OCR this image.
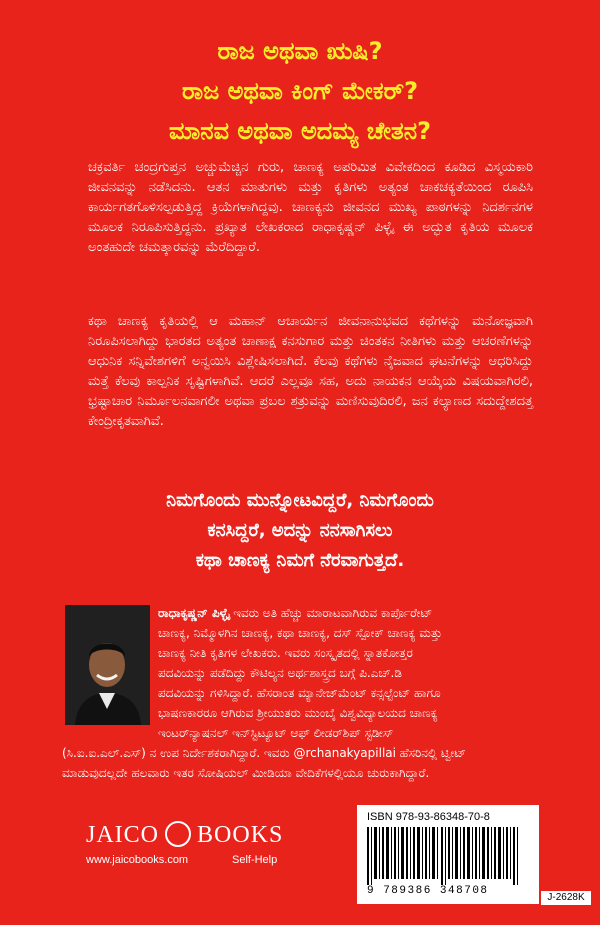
ರಾಜ ಅಥವಾ ಋಷಿ?
ರಾಜ ಅಥವಾ ಕಿಂಗ್ ಮೇಕರ್?
ಮಾನವ ಅಥವಾ ಅದಮ್ಯ ಚೇತನ?

ಚಕ್ರವರ್ತಿ ಚಂದ್ರಗುಪ್ತನ ಅಚ್ಚುಮೆಚ್ಚಿನ ಗುರು, ಚಾಣಕ್ಯ ಅಪರಿಮಿತ ವಿವೇಕದಿಂದ ಕೂಡಿದ ವಿಸ್ಮಯಕಾರಿ ಜೀವನವನ್ನು ನಡೆಸಿದನು. ಆತನ ಮಾತುಗಳು ಮತ್ತು ಕೃತಿಗಳು ಅತ್ಯಂತ ಚಾಕಚಕ್ಯತೆಯಿಂದ ರೂಪಿಸಿ ಕಾರ್ಯಗತಗೊಳಿಸಲ್ಪಡುತ್ತಿದ್ದ ಕ್ರಿಯೆಗಳಾಗಿದ್ದವು. ಚಾಣಕ್ಯನು ಜೀವನದ ಮುಖ್ಯ ಪಾಠಗಳನ್ನು ನಿದರ್ಶನಗಳ ಮೂಲಕ ನಿರೂಪಿಸುತ್ತಿದ್ದನು. ಪ್ರಖ್ಯಾತ ಲೇಖಕರಾದ ರಾಧಾಕೃಷ್ಣನ್ ಪಿಳ್ಳೈ ಈ ಅದ್ಭುತ ಕೃತಿಯ ಮೂಲಕ ಅಂತಹುದೇ ಚಮತ್ಕಾರವನ್ನು ಮೆರೆದಿದ್ದಾರೆ.

ಕಥಾ ಚಾಣಕ್ಯ ಕೃತಿಯಲ್ಲಿ ಆ ಮಹಾನ್ ಆಚಾರ್ಯನ ಜೀವನಾನುಭವದ ಕಥೆಗಳನ್ನು ಮನೋಜ್ಞವಾಗಿ ನಿರೂಪಿಸಲಾಗಿದ್ದು ಭಾರತದ ಅತ್ಯಂತ ಚಾಣಾಕ್ಷ ಕನಸುಗಾರ ಮತ್ತು ಚಿಂತಕನ ನೀತಿಗಳು ಮತ್ತು ಆಚರಣೆಗಳನ್ನು ಆಧುನಿಕ ಸನ್ನಿವೇಶಗಳಿಗೆ ಅನ್ವಯಿಸಿ ವಿಶ್ಲೇಷಿಸಲಾಗಿದೆ. ಕೆಲವು ಕಥೆಗಳು ನೈಜವಾದ ಘಟನೆಗಳನ್ನು ಆಧರಿಸಿದ್ದು ಮತ್ತೆ ಕೆಲವು ಕಾಲ್ಪನಿಕ ಸೃಷ್ಟಿಗಳಾಗಿವೆ. ಆದರೆ ಎಲ್ಲವೂ ಸಹ, ಅದು ನಾಯಕನ ಆಯ್ಕೆಯ ವಿಷಯವಾಗಿರಲಿ, ಭ್ರಷ್ಟಾಚಾರ ನಿರ್ಮೂಲನವಾಗಲೀ ಅಥವಾ ಪ್ರಬಲ ಶತ್ರುವನ್ನು ಮಣಿಸುವುದಿರಲಿ, ಜನ ಕಲ್ಯಾಣದ ಸದುದ್ದೇಶದತ್ತ ಕೇಂದ್ರೀಕೃತವಾಗಿವೆ.

ನಿಮಗೊಂದು ಮುನ್ನೋಟವಿದ್ದರೆ, ನಿಮಗೊಂದು
ಕನಸಿದ್ದರೆ, ಅದನ್ನು ನನಸಾಗಿಸಲು
ಕಥಾ ಚಾಣಕ್ಯ ನಿಮಗೆ ನೆರವಾಗುತ್ತದೆ.

ರಾಧಾಕೃಷ್ಣನ್ ಪಿಳ್ಳೈ ಇವರು ಅತಿ ಹೆಚ್ಚು ಮಾರಾಟವಾಗಿರುವ ಕಾರ್ಪೊರೇಟ್

ಚಾಣಕ್ಯ, ನಿಮ್ಮೊಳಗಿನ ಚಾಣಕ್ಯ, ಕಥಾ ಚಾಣಕ್ಯ, ದಸ್ ಸ್ಪೋಕ್ ಚಾಣಕ್ಯ ಮತ್ತು

ಚಾಣಕ್ಯ ನೀತಿ ಕೃತಿಗಳ ಲೇಖಕರು. ಇವರು ಸಂಸ್ಕೃತದಲ್ಲಿ ಸ್ನಾತಕೋತ್ತರ

ಪದವಿಯನ್ನು ಪಡೆದಿದ್ದು ಕೌಟಿಲ್ಯನ ಅರ್ಥಶಾಸ್ತ್ರದ ಬಗ್ಗೆ ಪಿ.ಎಚ್.ಡಿ

ಪದವಿಯನ್ನು ಗಳಿಸಿದ್ದಾರೆ. ಹೆಸರಾಂತ ಮ್ಯಾನೇಜ್‌ಮೆಂಟ್ ಕನ್ಸಲ್ಟೆಂಟ್ ಹಾಗೂ

ಭಾಷಣಕಾರರೂ ಆಗಿರುವ ಶ್ರೀಯುತರು ಮುಂಬೈ ವಿಶ್ವವಿದ್ಯಾಲಯದ ಚಾಣಕ್ಯ

ಇಂಟರ್‌ನ್ಯಾಷನಲ್ ಇನ್‌ಸ್ಟಿಟ್ಯೂಟ್ ಆಫ್ ಲೀಡರ್‌ಶಿಪ್ ಸ್ಟಡೀಸ್

(ಸಿ.ಐ.ಐ.ಎಲ್.ಎಸ್) ನ ಉಪ ನಿರ್ದೇಶಕರಾಗಿದ್ದಾರೆ. ಇವರು @rchanakyapillai ಹೆಸರಿನಲ್ಲಿ ಟ್ವೀಟ್

ಮಾಡುವುದಲ್ಲದೇ ಹಲವಾರು ಇತರ ಸೋಷಿಯಲ್ ಮೀಡಿಯಾ ವೇದಿಕೆಗಳಲ್ಲಿಯೂ ಚುರುಕಾಗಿದ್ದಾರೆ.

JAICO BOOKS
www.jaicobooks.com	Self-Help
ISBN 978-93-86348-70-8
9 789386 348708
J-2628K
